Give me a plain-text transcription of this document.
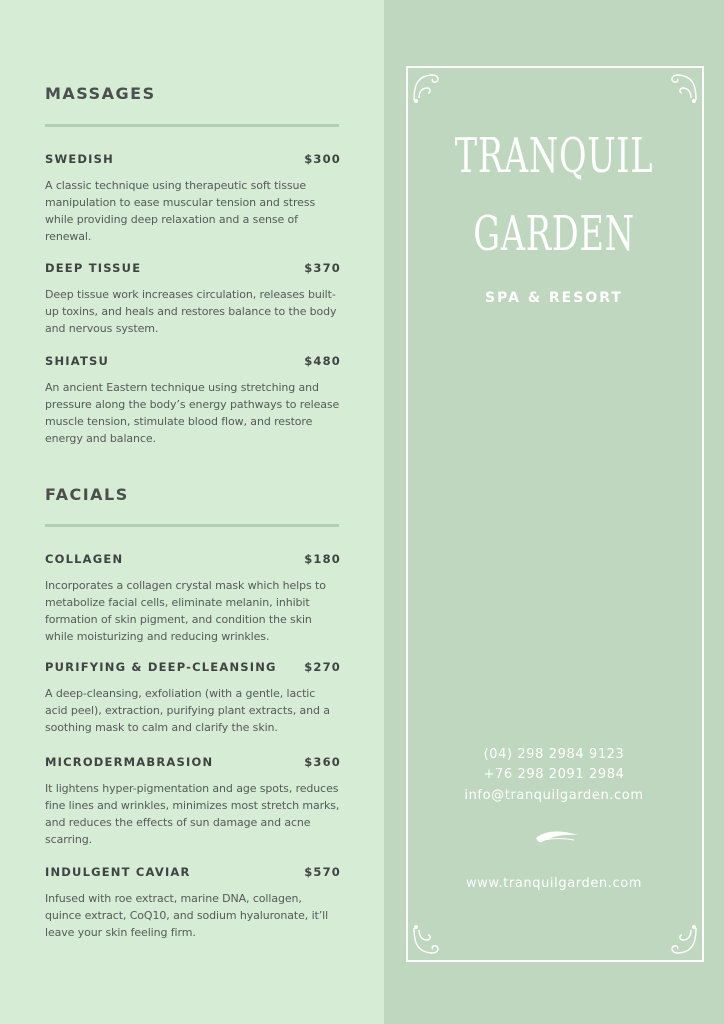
MASSAGES
SWEDISH	$300
A classic technique using therapeutic soft tissue manipulation to ease muscular tension and stress while providing deep relaxation and a sense of renewal.
DEEP TISSUE	$370
Deep tissue work increases circulation, releases built-up toxins, and heals and restores balance to the body and nervous system.
SHIATSU	$480
An ancient Eastern technique using stretching and pressure along the body’s energy pathways to release muscle tension, stimulate blood flow, and restore energy and balance.
FACIALS
COLLAGEN	$180
Incorporates a collagen crystal mask which helps to metabolize facial cells, eliminate melanin, inhibit formation of skin pigment, and condition the skin while moisturizing and reducing wrinkles.
PURIFYING & DEEP-CLEANSING $270
A deep-cleansing, exfoliation (with a gentle, lactic acid peel), extraction, purifying plant extracts, and a soothing mask to calm and clarify the skin.
MICRODERMABRASION	$360
It lightens hyper-pigmentation and age spots, reduces fine lines and wrinkles, minimizes most stretch marks, and reduces the effects of sun damage and acne scarring.
INDULGENT CAVIAR	$570
Infused with roe extract, marine DNA, collagen, quince extract, CoQ10, and sodium hyaluronate, it’ll leave your skin feeling firm.
TRANQUIL
GARDEN
SPA & RESORT
(04) 298 2984 9123
+76 298 2091 2984
info@tranquilgarden.com
www.tranquilgarden.com
